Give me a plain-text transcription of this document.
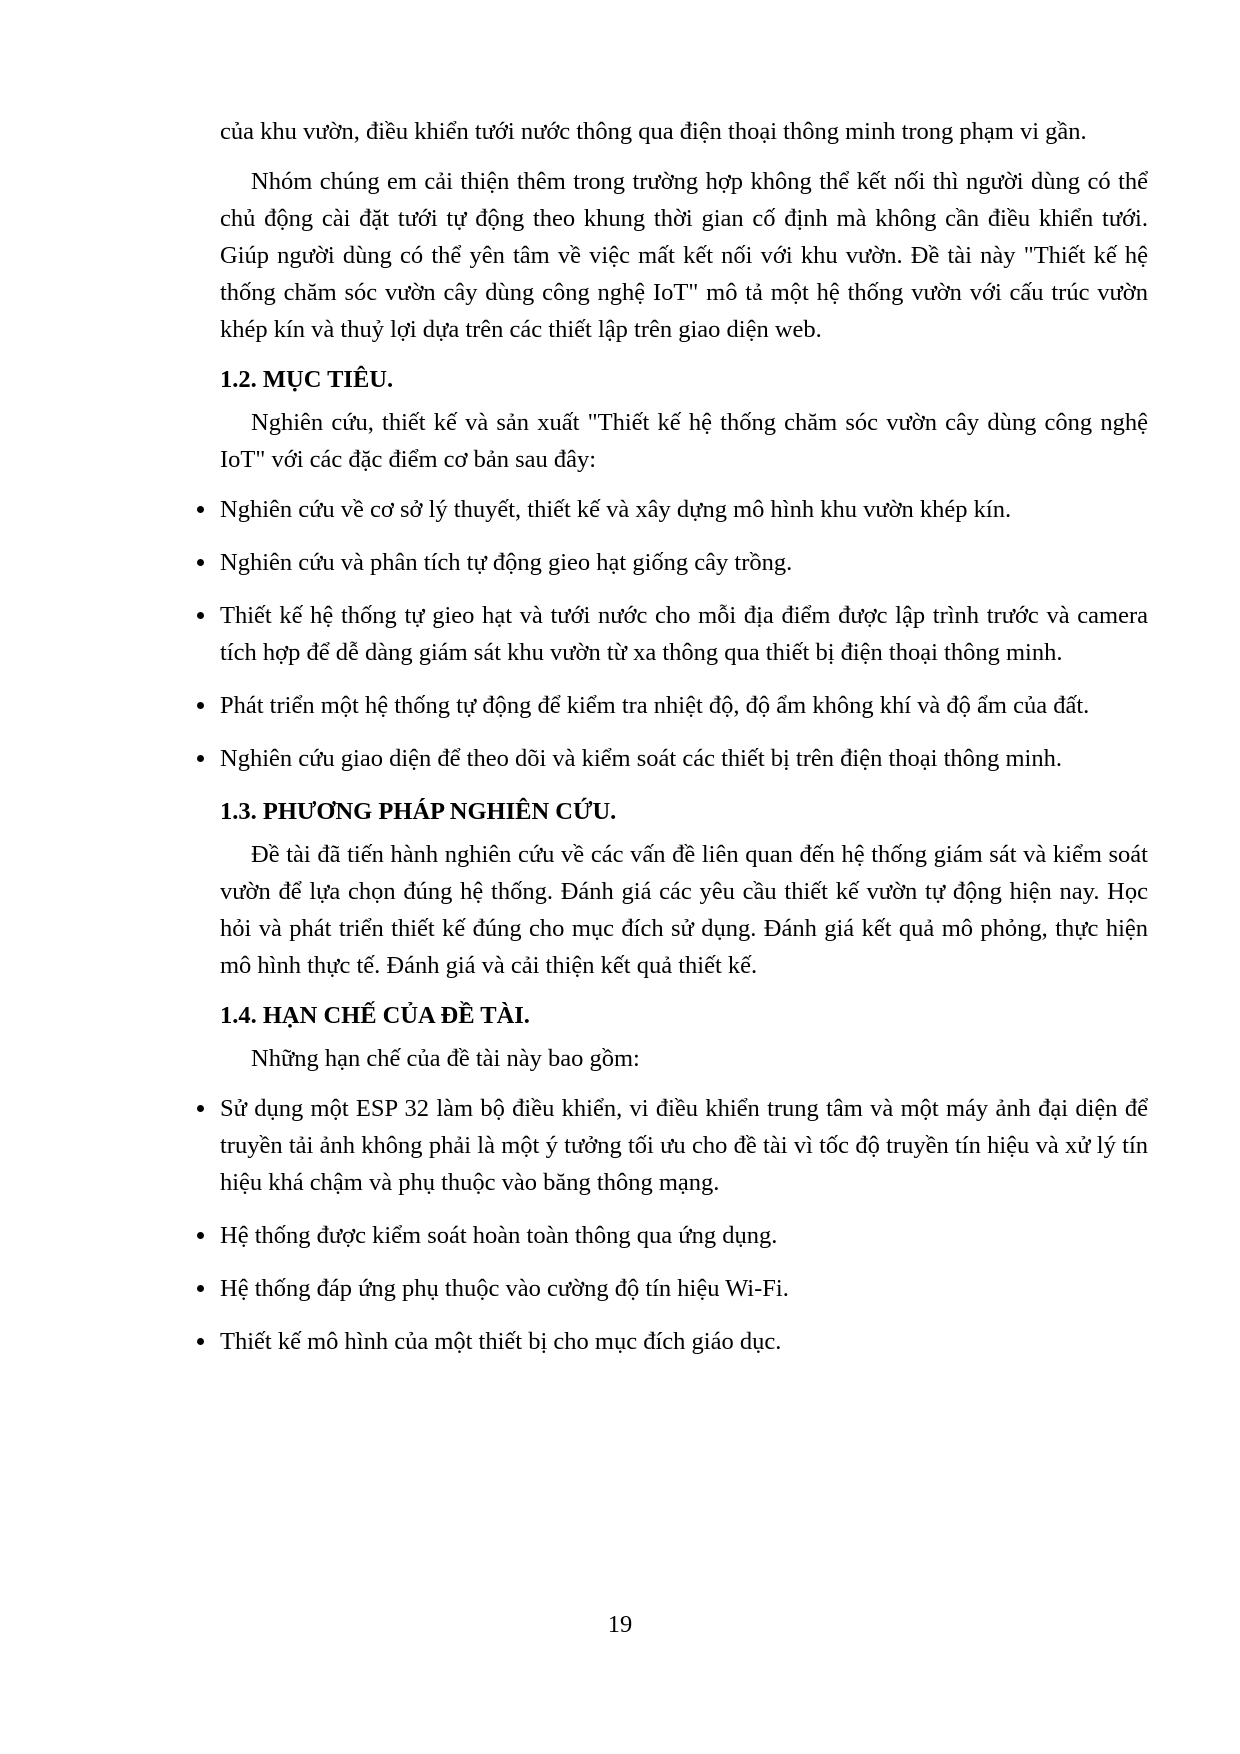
của khu vườn, điều khiển tưới nước thông qua điện thoại thông minh trong phạm vi gần.

Nhóm chúng em cải thiện thêm trong trường hợp không thể kết nối thì người dùng có thể chủ động cài đặt tưới tự động theo khung thời gian cố định mà không cần điều khiển tưới. Giúp người dùng có thể yên tâm về việc mất kết nối với khu vườn. Đề tài này "Thiết kế hệ thống chăm sóc vườn cây dùng công nghệ IoT" mô tả một hệ thống vườn với cấu trúc vườn khép kín và thuỷ lợi dựa trên các thiết lập trên giao diện web.

1.2. MỤC TIÊU.

Nghiên cứu, thiết kế và sản xuất "Thiết kế hệ thống chăm sóc vườn cây dùng công nghệ IoT" với các đặc điểm cơ bản sau đây:

Nghiên cứu về cơ sở lý thuyết, thiết kế và xây dựng mô hình khu vườn khép kín.
Nghiên cứu và phân tích tự động gieo hạt giống cây trồng.
Thiết kế hệ thống tự gieo hạt và tưới nước cho mỗi địa điểm được lập trình trước và camera tích hợp để dễ dàng giám sát khu vườn từ xa thông qua thiết bị điện thoại thông minh.
Phát triển một hệ thống tự động để kiểm tra nhiệt độ, độ ẩm không khí và độ ẩm của đất.
Nghiên cứu giao diện để theo dõi và kiểm soát các thiết bị trên điện thoại thông minh.
1.3. PHƯƠNG PHÁP NGHIÊN CỨU.

Đề tài đã tiến hành nghiên cứu về các vấn đề liên quan đến hệ thống giám sát và kiểm soát vườn để lựa chọn đúng hệ thống. Đánh giá các yêu cầu thiết kế vườn tự động hiện nay. Học hỏi và phát triển thiết kế đúng cho mục đích sử dụng. Đánh giá kết quả mô phỏng, thực hiện mô hình thực tế. Đánh giá và cải thiện kết quả thiết kế.

1.4. HẠN CHẾ CỦA ĐỀ TÀI.

Những hạn chế của đề tài này bao gồm:

Sử dụng một ESP 32 làm bộ điều khiển, vi điều khiển trung tâm và một máy ảnh đại diện để truyền tải ảnh không phải là một ý tưởng tối ưu cho đề tài vì tốc độ truyền tín hiệu và xử lý tín hiệu khá chậm và phụ thuộc vào băng thông mạng.
Hệ thống được kiểm soát hoàn toàn thông qua ứng dụng.
Hệ thống đáp ứng phụ thuộc vào cường độ tín hiệu Wi-Fi.
Thiết kế mô hình của một thiết bị cho mục đích giáo dục.
19
